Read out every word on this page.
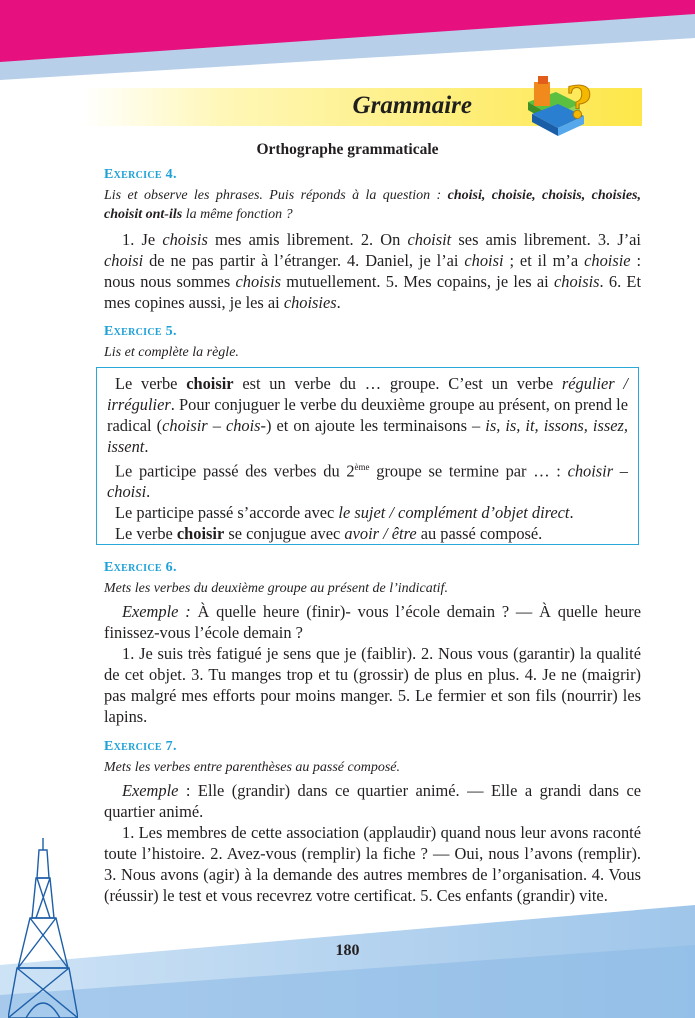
Grammaire ?
Orthographe grammaticale
Exercice 4.
Lis et observe les phrases. Puis réponds à la question : choisi, choisie, choisis, choisies, choisit ont-ils la même fonction ?
1. Je choisis mes amis librement. 2. On choisit ses amis librement. 3. J’ai choisi de ne pas partir à l’étranger. 4. Daniel, je l’ai choisi ; et il m’a choisie : nous nous sommes choisis mutuellement. 5. Mes copains, je les ai choisis. 6. Et mes copines aussi, je les ai choisies.
Exercice 5.
Lis et complète la règle.

Le verbe choisir est un verbe du … groupe. C’est un verbe régulier / irrégulier. Pour conjuguer le verbe du deuxième groupe au présent, on prend le radical (choisir – chois-) et on ajoute les terminaisons – is, is, it, issons, issez, issent.

Le participe passé des verbes du 2ème groupe se termine par … : choisir – choisi.

Le participe passé s’accorde avec le sujet / complément d’objet direct.

Le verbe choisir se conjugue avec avoir / être au passé composé.

Exercice 6.
Mets les verbes du deuxième groupe au présent de l’indicatif.
Exemple : À quelle heure (finir)- vous l’école demain ? — À quelle heure finissez-vous l’école demain ?
1. Je suis très fatigué je sens que je (faiblir). 2. Nous vous (garantir) la qualité de cet objet. 3. Tu manges trop et tu (grossir) de plus en plus. 4. Je ne (maigrir) pas malgré mes efforts pour moins manger. 5. Le fermier et son fils (nourrir) les lapins.
Exercice 7.
Mets les verbes entre parenthèses au passé composé.
Exemple : Elle (grandir) dans ce quartier animé. — Elle a grandi dans ce quartier animé.
1. Les membres de cette association (applaudir) quand nous leur avons raconté toute l’histoire. 2. Avez-vous (remplir) la fiche ? — Oui, nous l’avons (remplir). 3. Nous avons (agir) à la demande des autres membres de l’organisation. 4. Vous (réussir) le test et vous recevrez votre certificat. 5. Ces enfants (grandir) vite.
180
